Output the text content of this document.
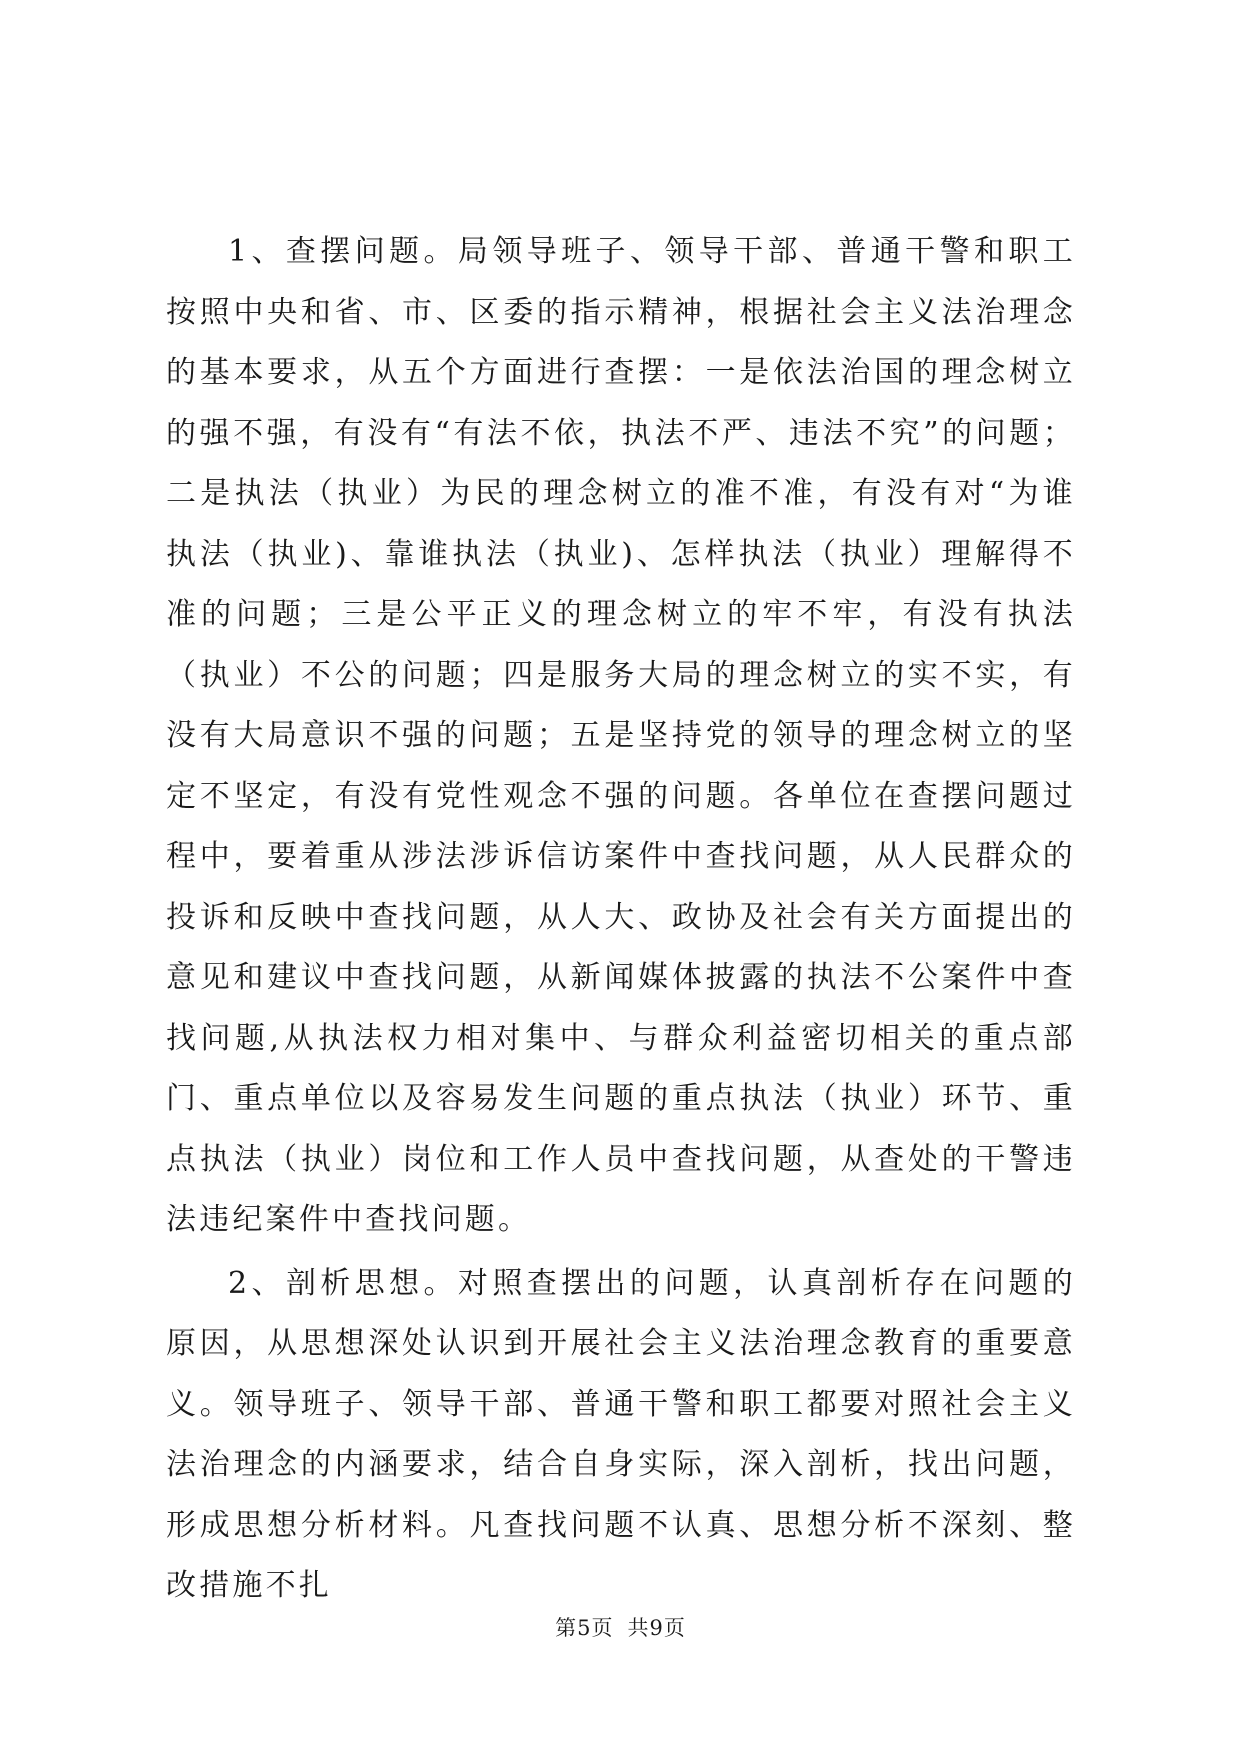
1、查摆问题。局领导班子、领导干部、普通干警和职工按照中央和省、市、区委的指示精神，根据社会主义法治理念的基本要求，从五个方面进行查摆：一是依法治国的理念树立的强不强，有没有“有法不依，执法不严、违法不究”的问题；二是执法（执业）为民的理念树立的准不准，有没有对“为谁执法（执业)、靠谁执法（执业)、怎样执法（执业）理解得不准的问题；三是公平正义的理念树立的牢不牢，有没有执法（执业）不公的问题；四是服务大局的理念树立的实不实，有没有大局意识不强的问题；五是坚持党的领导的理念树立的坚定不坚定，有没有党性观念不强的问题。各单位在查摆问题过程中，要着重从涉法涉诉信访案件中查找问题，从人民群众的投诉和反映中查找问题，从人大、政协及社会有关方面提出的意见和建议中查找问题，从新闻媒体披露的执法不公案件中查找问题,从执法权力相对集中、与群众利益密切相关的重点部门、重点单位以及容易发生问题的重点执法（执业）环节、重点执法（执业）岗位和工作人员中查找问题，从查处的干警违法违纪案件中查找问题。

2、剖析思想。对照查摆出的问题，认真剖析存在问题的原因，从思想深处认识到开展社会主义法治理念教育的重要意义。领导班子、领导干部、普通干警和职工都要对照社会主义法治理念的内涵要求，结合自身实际，深入剖析，找出问题，形成思想分析材料。凡查找问题不认真、思想分析不深刻、整改措施不扎

第5页 共9页
